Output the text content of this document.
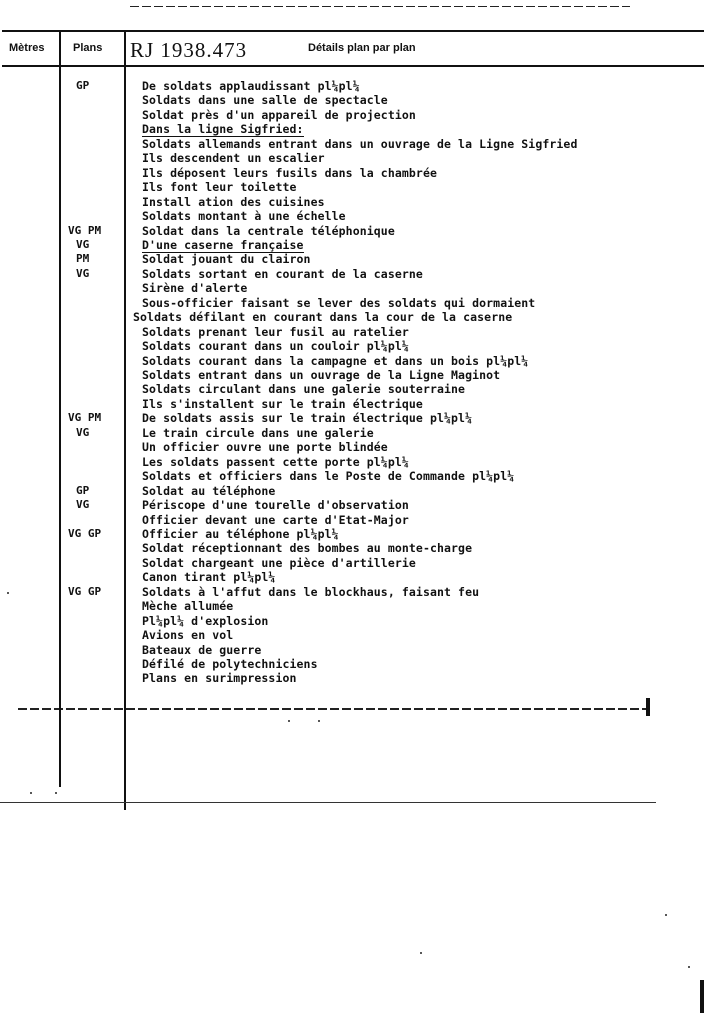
Mètres	Plans RJ 1938.473	Détails plan par plan
GP	De soldats applaudissant pl¼pl¼
Soldats dans une salle de spectacle
Soldat près d'un appareil de projection
Dans la ligne Sigfried:
Soldats allemands entrant dans un ouvrage de la Ligne Sigfried
Ils descendent un escalier
Ils déposent leurs fusils dans la chambrée
Ils font leur toilette
Install ation des cuisines
Soldats montant à une échelle
VG PM	Soldat dans la centrale téléphonique
VG	D'une caserne française
PM	Soldat jouant du clairon
VG	Soldats sortant en courant de la caserne
Sirène d'alerte
Sous-officier faisant se lever des soldats qui dormaient
Soldats défilant en courant dans la cour de la caserne
Soldats prenant leur fusil au ratelier
Soldats courant dans un couloir pl¼pl¼
Soldats courant dans la campagne et dans un bois pl¼pl¼
Soldats entrant dans un ouvrage de la Ligne Maginot
Soldats circulant dans une galerie souterraine
Ils s'installent sur le train électrique
VG PM	De soldats assis sur le train électrique pl¼pl¼
VG	Le train circule dans une galerie
Un officier ouvre une porte blindée
Les soldats passent cette porte pl¼pl¼
Soldats et officiers dans le Poste de Commande pl¼pl¼
GP	Soldat au téléphone
VG	Périscope d'une tourelle d'observation
Officier devant une carte d'Etat-Major
VG GP	Officier au téléphone pl¼pl¼
Soldat réceptionnant des bombes au monte-charge
Soldat chargeant une pièce d'artillerie
Canon tirant pl¼pl¼
VG GP	Soldats à l'affut dans le blockhaus, faisant feu
Mèche allumée
Pl¼pl¼ d'explosion
Avions en vol
Bateaux de guerre
Défilé de polytechniciens
Plans en surimpression
